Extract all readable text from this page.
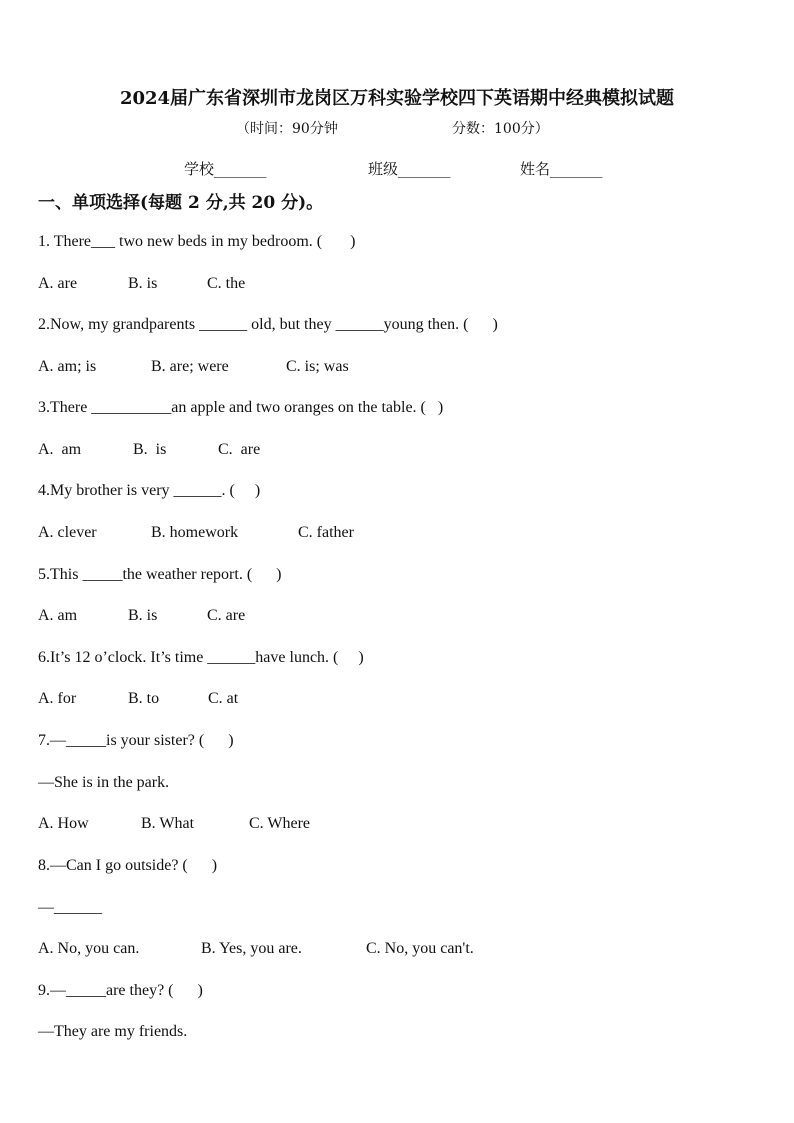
2024届广东省深圳市龙岗区万科实验学校四下英语期中经典模拟试题
（时间：90分钟	分数：100分）
学校_______	班级_______	姓名_______
一、单项选择(每题 2 分,共 20 分)。
1. There___ two new beds in my bedroom. (       )
A. are	B. is	C. the
2.Now, my grandparents ______ old, but they ______young then. (      )
A. am; is	B. are; were	C. is; was
3.There __________an apple and two oranges on the table. (   )
A.  am	B.  is	C.  are
4.My brother is very ______. (     )
A. clever	B. homework	C. father
5.This _____the weather report. (      )
A. am	B. is	C. are
6.It’s 12 o’clock. It’s time ______have lunch. (     )
A. for	B. to	C. at
7.—_____is your sister? (      )
—She is in the park.
A. How	B. What	C. Where
8.—Can I go outside? (      )
—______
A. No, you can.	B. Yes, you are.	C. No, you can't.
9.—_____are they? (      )
—They are my friends.
